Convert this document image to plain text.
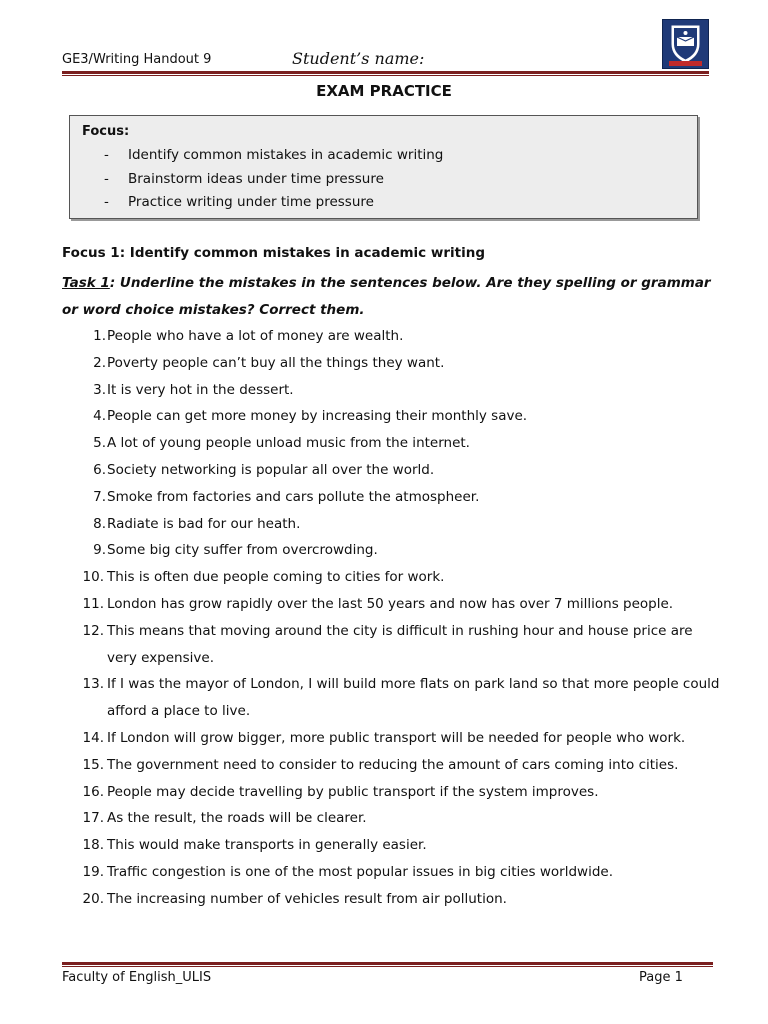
GE3/Writing Handout 9	Student’s name:
EXAM PRACTICE
Focus:
- Identify common mistakes in academic writing
- Brainstorm ideas under time pressure
- Practice writing under time pressure
Focus 1: Identify common mistakes in academic writing
Task 1: Underline the mistakes in the sentences below. Are they spelling or grammar or word choice mistakes? Correct them.
1. People who have a lot of money are wealth.
2. Poverty people can’t buy all the things they want.
3. It is very hot in the dessert.
4. People can get more money by increasing their monthly save.
5. A lot of young people unload music from the internet.
6. Society networking is popular all over the world.
7. Smoke from factories and cars pollute the atmospheer.
8. Radiate is bad for our heath.
9. Some big city suffer from overcrowding.
10. This is often due people coming to cities for work.
11. London has grow rapidly over the last 50 years and now has over 7 millions people.
12. This means that moving around the city is difficult in rushing hour and house price are very expensive.
13. If I was the mayor of London, I will build more flats on park land so that more people could afford a place to live.
14. If London will grow bigger, more public transport will be needed for people who work.
15. The government need to consider to reducing the amount of cars coming into cities.
16. People may decide travelling by public transport if the system improves.
17. As the result, the roads will be clearer.
18. This would make transports in generally easier.
19. Traffic congestion is one of the most popular issues in big cities worldwide.
20. The increasing number of vehicles result from air pollution.
Faculty of English_ULIS	Page 1
